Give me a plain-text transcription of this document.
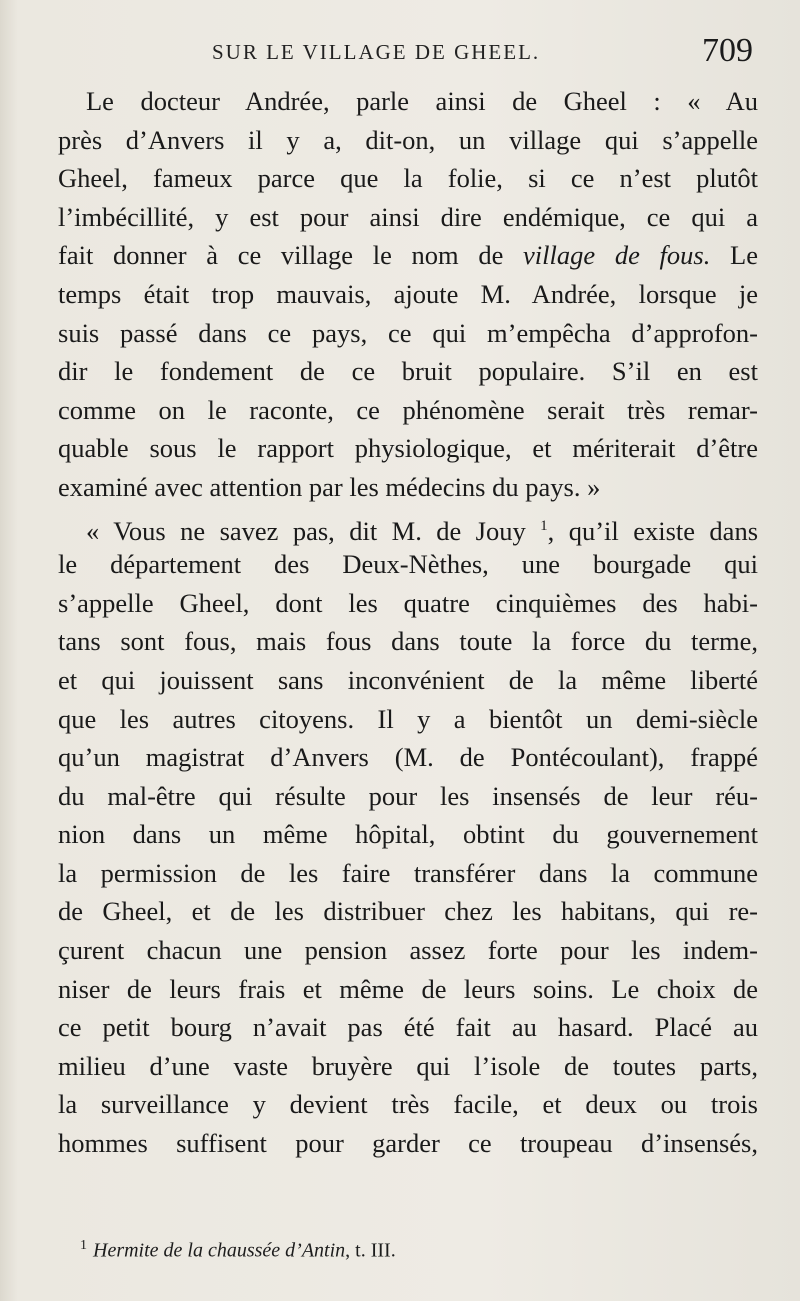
SUR LE VILLAGE DE GHEEL.	709
Le docteur Andrée, parle ainsi de Gheel : « Au
près d’Anvers il y a, dit-on, un village qui s’appelle
Gheel, fameux parce que la folie, si ce n’est plutôt
l’imbécillité, y est pour ainsi dire endémique, ce qui a
fait donner à ce village le nom de village de fous. Le
temps était trop mauvais, ajoute M. Andrée, lorsque je
suis passé dans ce pays, ce qui m’empêcha d’approfon-
dir le fondement de ce bruit populaire. S’il en est
comme on le raconte, ce phénomène serait très remar-
quable sous le rapport physiologique, et mériterait d’être
examiné avec attention par les médecins du pays. »
« Vous ne savez pas, dit M. de Jouy $^1$, qu’il existe dans
le département des Deux-Nèthes, une bourgade qui
s’appelle Gheel, dont les quatre cinquièmes des habi-
tans sont fous, mais fous dans toute la force du terme,
et qui jouissent sans inconvénient de la même liberté
que les autres citoyens. Il y a bientôt un demi-siècle
qu’un magistrat d’Anvers (M. de Pontécoulant), frappé
du mal-être qui résulte pour les insensés de leur réu-
nion dans un même hôpital, obtint du gouvernement
la permission de les faire transférer dans la commune
de Gheel, et de les distribuer chez les habitans, qui re-
çurent chacun une pension assez forte pour les indem-
niser de leurs frais et même de leurs soins. Le choix de
ce petit bourg n’avait pas été fait au hasard. Placé au
milieu d’une vaste bruyère qui l’isole de toutes parts,
la surveillance y devient très facile, et deux ou trois
hommes suffisent pour garder ce troupeau d’insensés,
$^1$ Hermite de la chaussée d’Antin, t. III.
